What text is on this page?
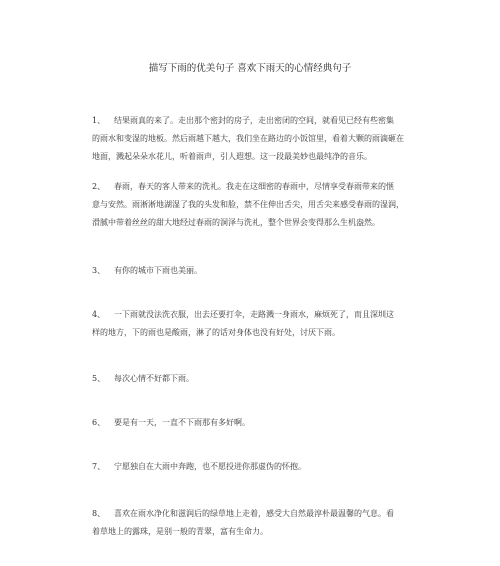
描写下雨的优美句子 喜欢下雨天的心情经典句子
1、 结果雨真的来了。走出那个密封的房子，走出密闭的空间，就看见已经有些密集
的雨水和变湿的地板。然后雨越下越大，我们坐在路边的小饭馆里，看着大颗的雨滴砸在
地面，溅起朵朵水花儿，听着雨声，引人遐想。这一段最美妙也最纯净的音乐。
2、 春雨，春天的客人带来的洗礼。我走在这细密的春雨中，尽情享受春雨带来的惬
意与安然。雨淅淅地湖湿了我的头发和脸，禁不住伸出舌尖，用舌尖来感受春雨的湿润，
滑腻中带着丝丝的甜大地经过春雨的洞泽与洗礼，整个世界会变得那么生机盎然。
3、 有你的城市下雨也美丽。
4、 一下雨就没法洗衣服，出去还要打伞，走路溅一身雨水，麻烦死了，而且深圳这
样的地方，下的雨也是酸雨，淋了的话对身体也没有好处，讨厌下雨。
5、 每次心情不好都下雨。
6、 要是有一天，一直不下雨那有多好啊。
7、 宁愿独自在大雨中奔跑，也不愿投进你那虚伪的怀抱。
8、 喜欢在雨水净化和滋润后的绿草地上走着，感受大自然最淳朴最温馨的气息。看
着草地上的露珠，是别一般的青翠，富有生命力。
